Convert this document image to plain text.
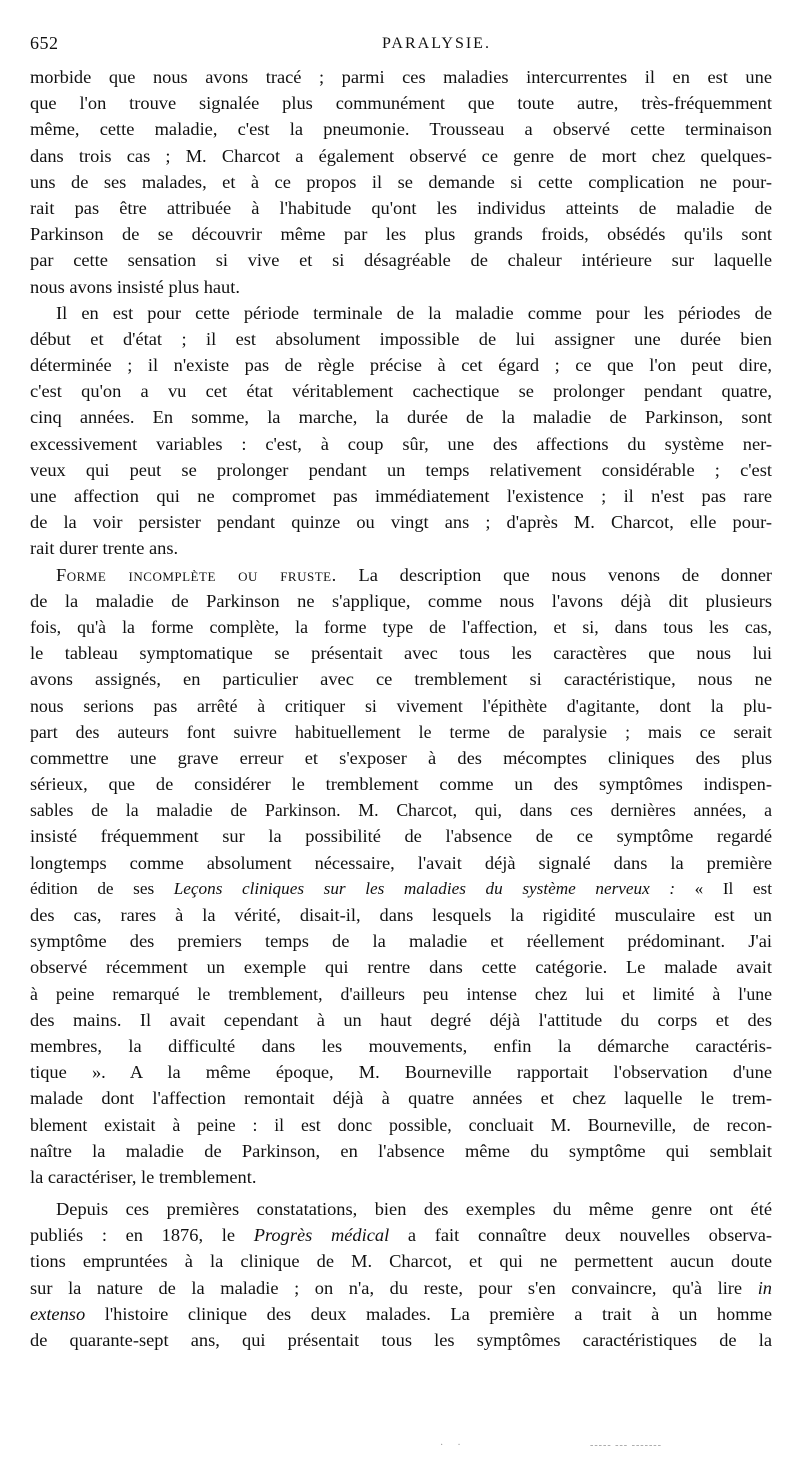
652	PARALYSIE.
morbide que nous avons tracé ; parmi ces maladies intercurrentes il en est une
que l'on trouve signalée plus communément que toute autre, très-fréquemment
même, cette maladie, c'est la pneumonie. Trousseau a observé cette terminaison
dans trois cas ; M. Charcot a également observé ce genre de mort chez quelques-
uns de ses malades, et à ce propos il se demande si cette complication ne pour-
rait pas être attribuée à l'habitude qu'ont les individus atteints de maladie de
Parkinson de se découvrir même par les plus grands froids, obsédés qu'ils sont
par cette sensation si vive et si désagréable de chaleur intérieure sur laquelle
nous avons insisté plus haut.
Il en est pour cette période terminale de la maladie comme pour les périodes de
début et d'état ; il est absolument impossible de lui assigner une durée bien
déterminée ; il n'existe pas de règle précise à cet égard ; ce que l'on peut dire,
c'est qu'on a vu cet état véritablement cachectique se prolonger pendant quatre,
cinq années. En somme, la marche, la durée de la maladie de Parkinson, sont
excessivement variables : c'est, à coup sûr, une des affections du système ner-
veux qui peut se prolonger pendant un temps relativement considérable ; c'est
une affection qui ne compromet pas immédiatement l'existence ; il n'est pas rare
de la voir persister pendant quinze ou vingt ans ; d'après M. Charcot, elle pour-
rait durer trente ans.
Forme incomplète ou fruste. La description que nous venons de donner
de la maladie de Parkinson ne s'applique, comme nous l'avons déjà dit plusieurs
fois, qu'à la forme complète, la forme type de l'affection, et si, dans tous les cas,
le tableau symptomatique se présentait avec tous les caractères que nous lui
avons assignés, en particulier avec ce tremblement si caractéristique, nous ne
nous serions pas arrêté à critiquer si vivement l'épithète d'agitante, dont la plu-
part des auteurs font suivre habituellement le terme de paralysie ; mais ce serait
commettre une grave erreur et s'exposer à des mécomptes cliniques des plus
sérieux, que de considérer le tremblement comme un des symptômes indispen-
sables de la maladie de Parkinson. M. Charcot, qui, dans ces dernières années, a
insisté fréquemment sur la possibilité de l'absence de ce symptôme regardé
longtemps comme absolument nécessaire, l'avait déjà signalé dans la première
édition de ses Leçons cliniques sur les maladies du système nerveux : « Il est
des cas, rares à la vérité, disait-il, dans lesquels la rigidité musculaire est un
symptôme des premiers temps de la maladie et réellement prédominant. J'ai
observé récemment un exemple qui rentre dans cette catégorie. Le malade avait
à peine remarqué le tremblement, d'ailleurs peu intense chez lui et limité à l'une
des mains. Il avait cependant à un haut degré déjà l'attitude du corps et des
membres, la difficulté dans les mouvements, enfin la démarche caractéris-
tique ». A la même époque, M. Bourneville rapportait l'observation d'une
malade dont l'affection remontait déjà à quatre années et chez laquelle le trem-
blement existait à peine : il est donc possible, concluait M. Bourneville, de recon-
naître la maladie de Parkinson, en l'absence même du symptôme qui semblait
la caractériser, le tremblement.
Depuis ces premières constatations, bien des exemples du même genre ont été
publiés : en 1876, le Progrès médical a fait connaître deux nouvelles observa-
tions empruntées à la clinique de M. Charcot, et qui ne permettent aucun doute
sur la nature de la maladie ; on n'a, du reste, pour s'en convaincre, qu'à lire in
extenso l'histoire clinique des deux malades. La première a trait à un homme
de quarante-sept ans, qui présentait tous les symptômes caractéristiques de la
·  ·	‐‐‐‐‐ ‐‐‐ ‐‐‐‐‐‐‐
